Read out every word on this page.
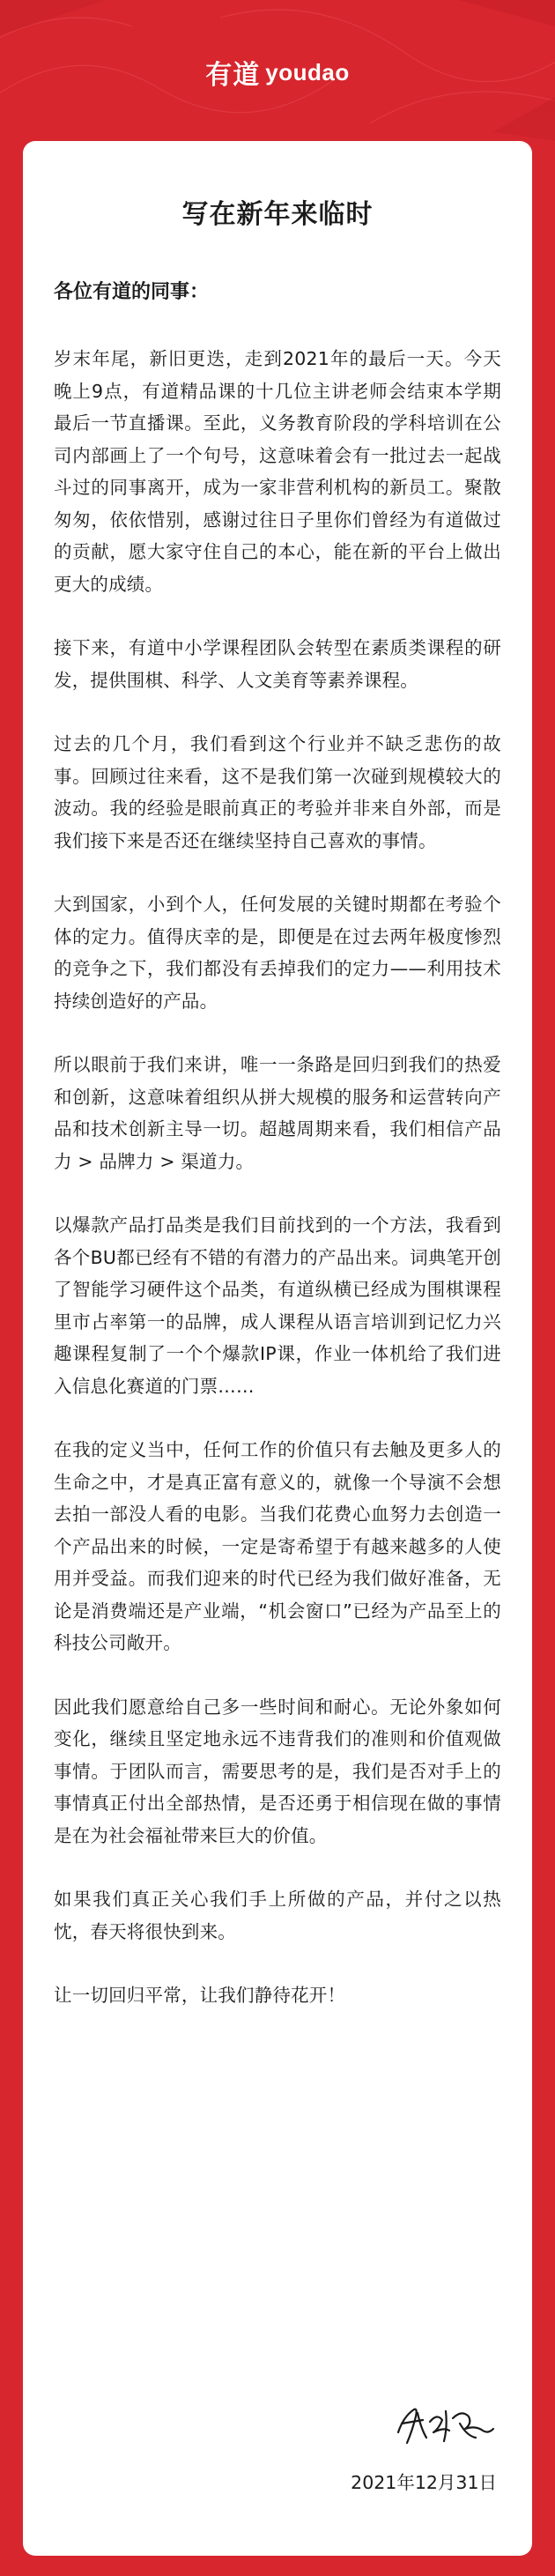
有道 youdao
写在新年来临时

各位有道的同事：

岁末年尾，新旧更迭，走到2021年的最后一天。今天晚上9点，有道精品课的十几位主讲老师会结束本学期最后一节直播课。至此，义务教育阶段的学科培训在公司内部画上了一个句号，这意味着会有一批过去一起战斗过的同事离开，成为一家非营利机构的新员工。聚散匆匆，依依惜别，感谢过往日子里你们曾经为有道做过的贡献，愿大家守住自己的本心，能在新的平台上做出更大的成绩。

接下来，有道中小学课程团队会转型在素质类课程的研发，提供围棋、科学、人文美育等素养课程。

过去的几个月，我们看到这个行业并不缺乏悲伤的故事。回顾过往来看，这不是我们第一次碰到规模较大的波动。我的经验是眼前真正的考验并非来自外部，而是我们接下来是否还在继续坚持自己喜欢的事情。

大到国家，小到个人，任何发展的关键时期都在考验个体的定力。值得庆幸的是，即便是在过去两年极度惨烈的竞争之下，我们都没有丢掉我们的定力——利用技术持续创造好的产品。

所以眼前于我们来讲，唯一一条路是回归到我们的热爱和创新，这意味着组织从拼大规模的服务和运营转向产品和技术创新主导一切。超越周期来看，我们相信产品力 > 品牌力 > 渠道力。

以爆款产品打品类是我们目前找到的一个方法，我看到各个BU都已经有不错的有潜力的产品出来。词典笔开创了智能学习硬件这个品类，有道纵横已经成为围棋课程里市占率第一的品牌，成人课程从语言培训到记忆力兴趣课程复制了一个个爆款IP课，作业一体机给了我们进入信息化赛道的门票……

在我的定义当中，任何工作的价值只有去触及更多人的生命之中，才是真正富有意义的，就像一个导演不会想去拍一部没人看的电影。当我们花费心血努力去创造一个产品出来的时候，一定是寄希望于有越来越多的人使用并受益。而我们迎来的时代已经为我们做好准备，无论是消费端还是产业端，“机会窗口”已经为产品至上的科技公司敞开。

因此我们愿意给自己多一些时间和耐心。无论外象如何变化，继续且坚定地永远不违背我们的准则和价值观做事情。于团队而言，需要思考的是，我们是否对手上的事情真正付出全部热情，是否还勇于相信现在做的事情是在为社会福祉带来巨大的价值。

如果我们真正关心我们手上所做的产品，并付之以热忱，春天将很快到来。

让一切回归平常，让我们静待花开！

2021年12月31日
